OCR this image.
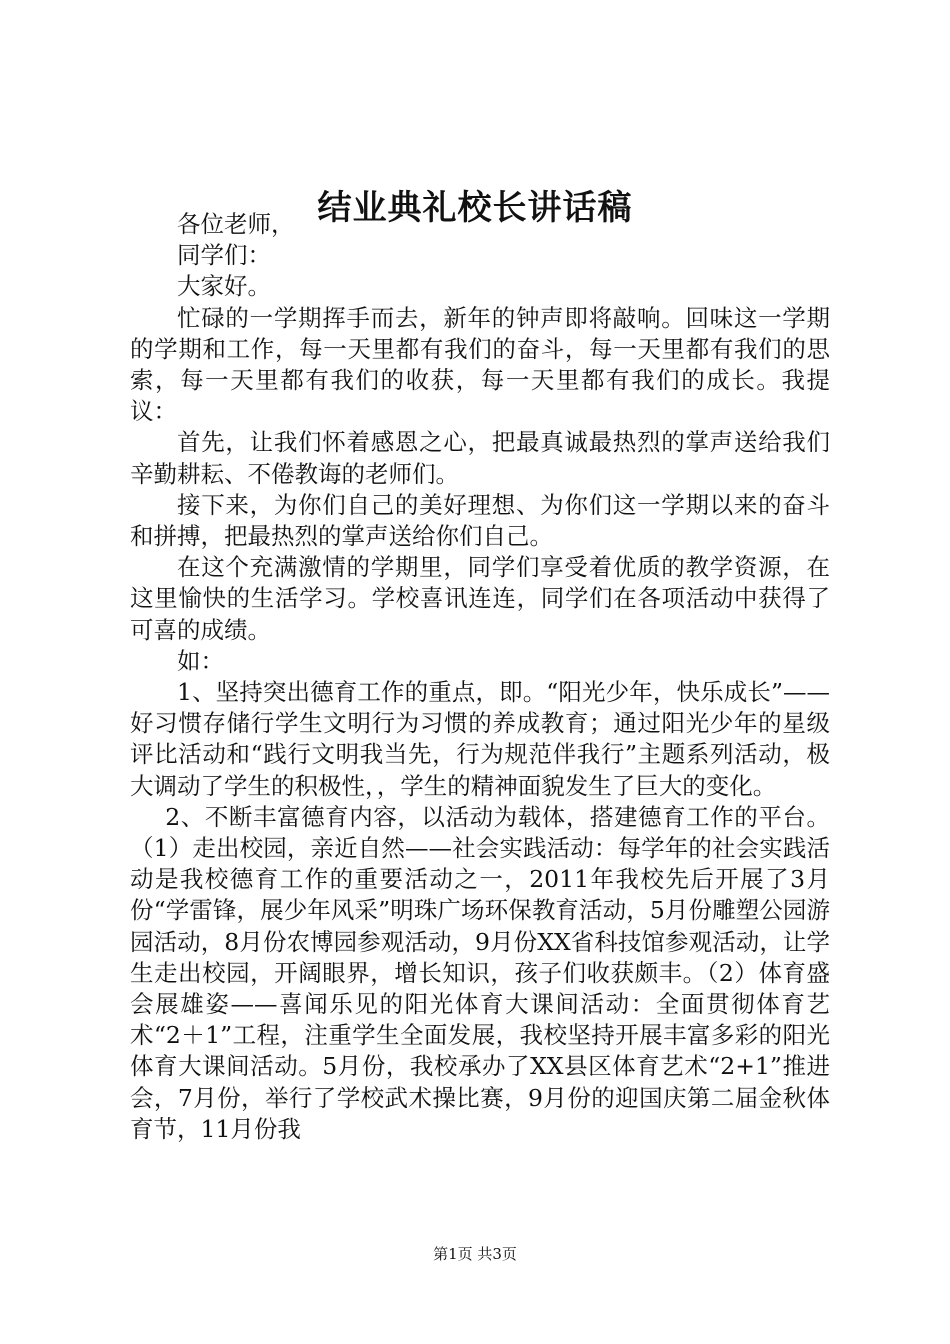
结业典礼校长讲话稿

各位老师，

同学们：

大家好。

忙碌的一学期挥手而去，新年的钟声即将敲响。回味这一学期的学期和工作，每一天里都有我们的奋斗，每一天里都有我们的思索，每一天里都有我们的收获，每一天里都有我们的成长。我提议：

首先，让我们怀着感恩之心，把最真诚最热烈的掌声送给我们辛勤耕耘、不倦教诲的老师们。

接下来，为你们自己的美好理想、为你们这一学期以来的奋斗和拼搏，把最热烈的掌声送给你们自己。

在这个充满激情的学期里，同学们享受着优质的教学资源，在这里愉快的生活学习。学校喜讯连连，同学们在各项活动中获得了可喜的成绩。

如：

1、坚持突出德育工作的重点，即。“阳光少年，快乐成长”——好习惯存储行学生文明行为习惯的养成教育；通过阳光少年的星级评比活动和“践行文明我当先，行为规范伴我行”主题系列活动，极大调动了学生的积极性，，学生的精神面貌发生了巨大的变化。

2、不断丰富德育内容，以活动为载体，搭建德育工作的平台。（1）走出校园，亲近自然——社会实践活动：每学年的社会实践活动是我校德育工作的重要活动之一，2011年我校先后开展了3月份“学雷锋，展少年风采”明珠广场环保教育活动，5月份雕塑公园游园活动，8月份农博园参观活动，9月份XX省科技馆参观活动，让学生走出校园，开阔眼界，增长知识，孩子们收获颇丰。（2）体育盛会展雄姿——喜闻乐见的阳光体育大课间活动：全面贯彻体育艺术“2＋1”工程，注重学生全面发展，我校坚持开展丰富多彩的阳光体育大课间活动。5月份，我校承办了XX县区体育艺术“2+1”推进会，7月份，举行了学校武术操比赛，9月份的迎国庆第二届金秋体育节，11月份我

第1页 共3页
